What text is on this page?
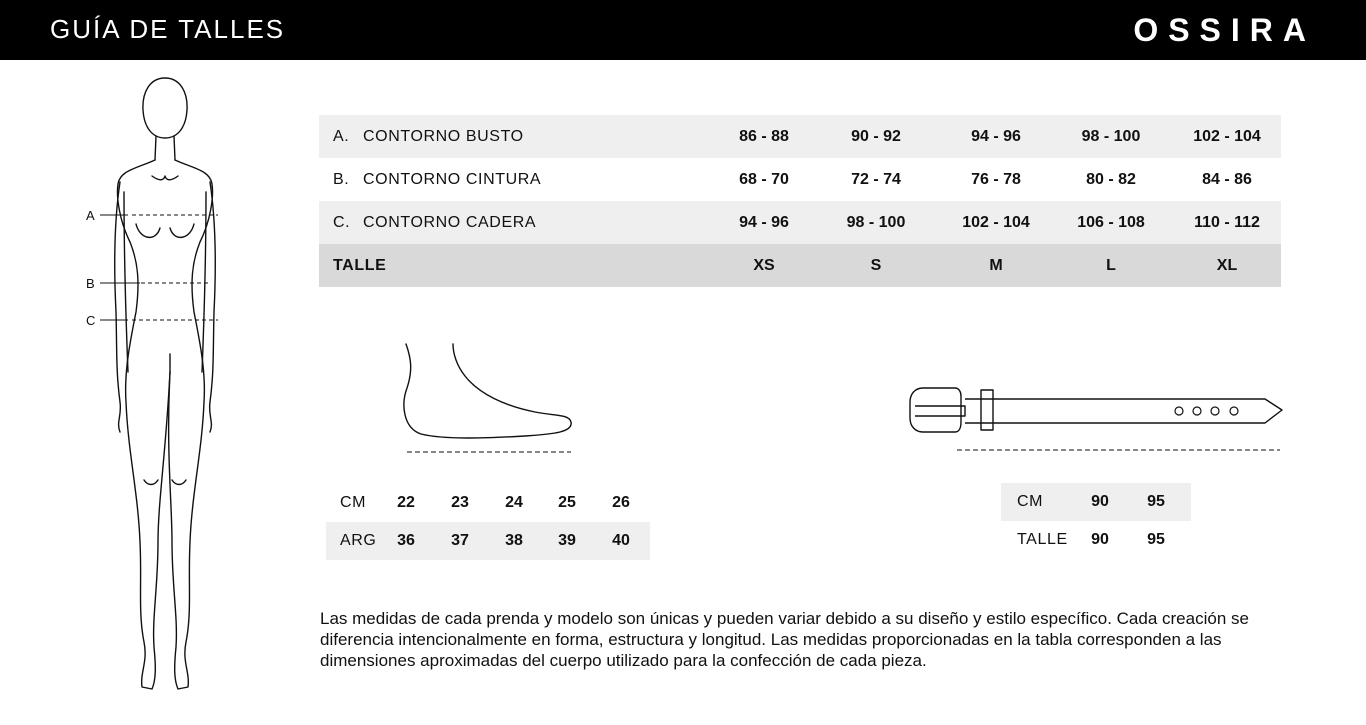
GUÍA DE TALLES	OSSIRA
A
B
C
A. CONTORNO BUSTO	86 - 88	90 - 92	94 - 96	98 - 100	102 - 104
B. CONTORNO CINTURA	68 - 70	72 - 74	76 - 78	80 - 82	84 - 86
C. CONTORNO CADERA	94 - 96	98 - 100	102 - 104	106 - 108	110 - 112
TALLE	XS	S	M	L	XL
CM	22	23	24	25	26
ARG	36	37	38	39	40
CM	90	95
TALLE	90	95

Las medidas de cada prenda y modelo son únicas y pueden variar debido a su diseño y estilo específico. Cada creación se diferencia intencionalmente en forma, estructura y longitud. Las medidas proporcionadas en la tabla corresponden a las dimensiones aproximadas del cuerpo utilizado para la confección de cada pieza.
